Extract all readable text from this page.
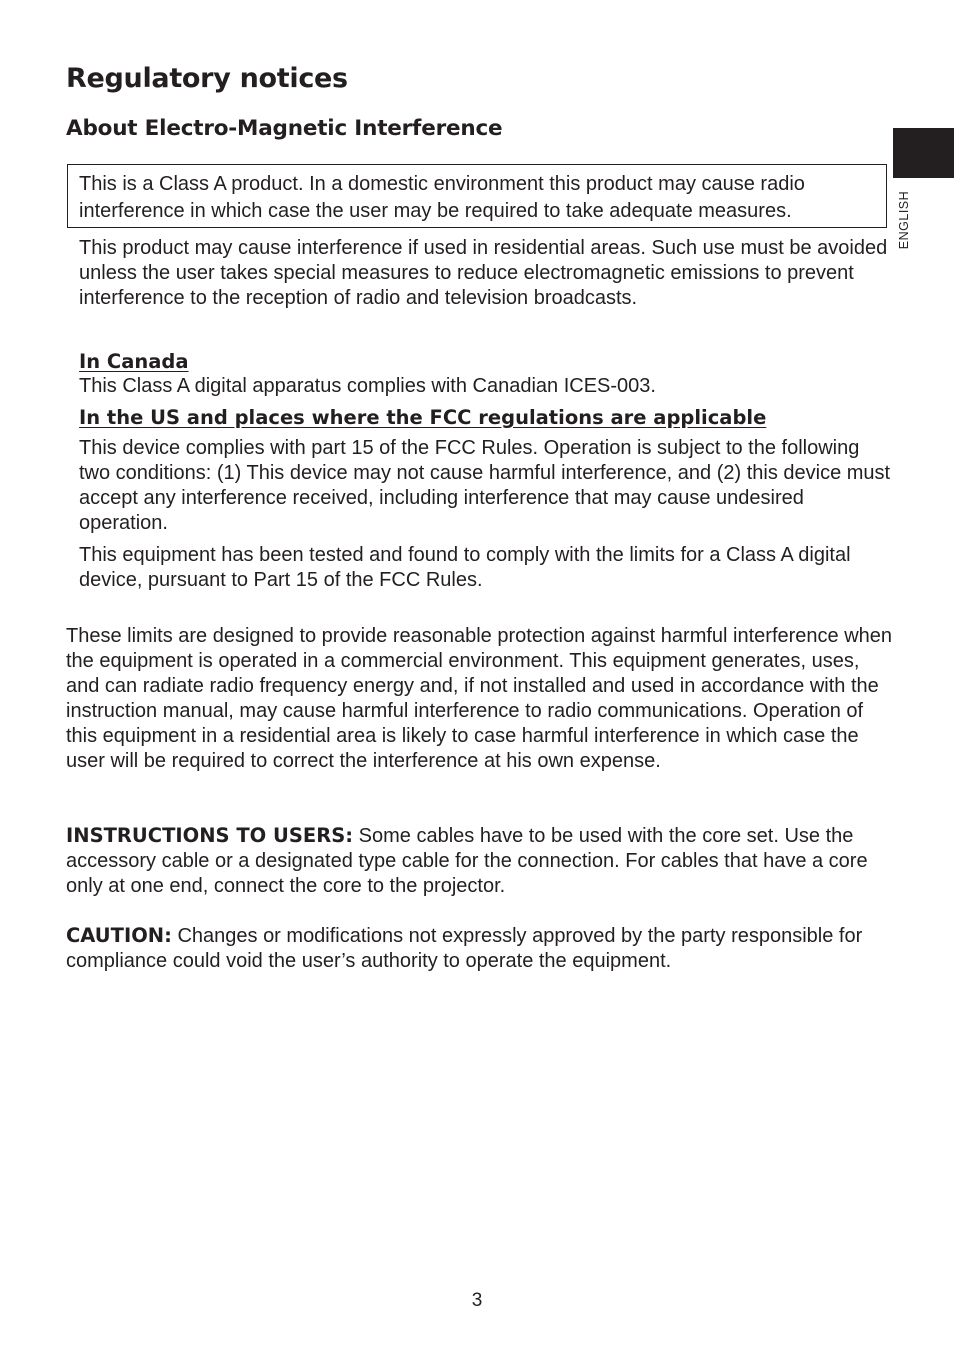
Regulatory notices
About Electro-Magnetic Interference
ENGLISH

This is a Class A product. In a domestic environment this product may cause radio interference in which case the user may be required to take adequate measures.

This product may cause interference if used in residential areas. Such use must be avoided unless the user takes special measures to reduce electromagnetic emissions to prevent interference to the reception of radio and television broadcasts.

In Canada

This Class A digital apparatus complies with Canadian ICES-003.

In the US and places where the FCC regulations are applicable

This device complies with part 15 of the FCC Rules. Operation is subject to the following two conditions: (1) This device may not cause harmful interference, and (2) this device must accept any interference received, including interference that may cause undesired operation.

This equipment has been tested and found to comply with the limits for a Class A digital device, pursuant to Part 15 of the FCC Rules.

These limits are designed to provide reasonable protection against harmful interference when the equipment is operated in a commercial environment. This equipment generates, uses, and can radiate radio frequency energy and, if not installed and used in accordance with the instruction manual, may cause harmful interference to radio communications. Operation of this equipment in a residential area is likely to case harmful interference in which case the user will be required to correct the interference at his own expense.

INSTRUCTIONS TO USERS: Some cables have to be used with the core set. Use the accessory cable or a designated type cable for the connection. For cables that have a core only at one end, connect the core to the projector.

CAUTION: Changes or modifications not expressly approved by the party responsible for compliance could void the user’s authority to operate the equipment.

3
